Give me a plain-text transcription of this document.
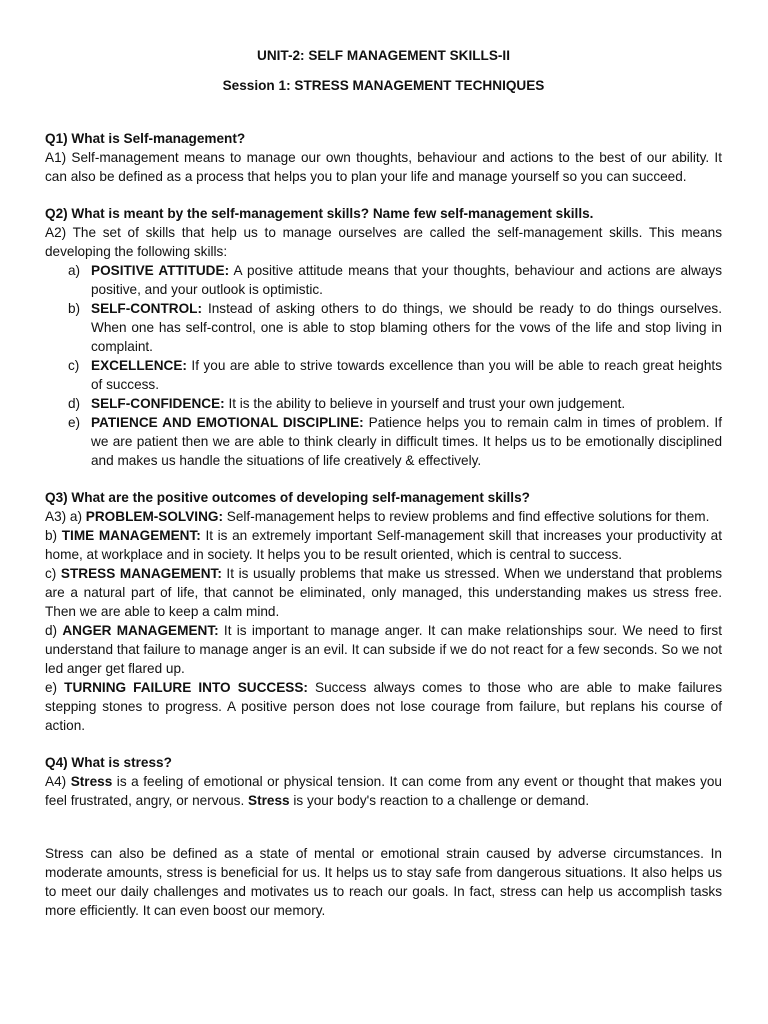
UNIT-2: SELF MANAGEMENT SKILLS-II

Session 1: STRESS MANAGEMENT TECHNIQUES

Q1) What is Self-management?

A1) Self-management means to manage our own thoughts, behaviour and actions to the best of our ability. It can also be defined as a process that helps you to plan your life and manage yourself so you can succeed.

Q2) What is meant by the self-management skills? Name few self-management skills.

A2) The set of skills that help us to manage ourselves are called the self-management skills. This means developing the following skills:

a) POSITIVE ATTITUDE: A positive attitude means that your thoughts, behaviour and actions are always positive, and your outlook is optimistic.
b) SELF-CONTROL: Instead of asking others to do things, we should be ready to do things ourselves. When one has self-control, one is able to stop blaming others for the vows of the life and stop living in complaint.
c) EXCELLENCE: If you are able to strive towards excellence than you will be able to reach great heights of success.
d) SELF-CONFIDENCE: It is the ability to believe in yourself and trust your own judgement.
e) PATIENCE AND EMOTIONAL DISCIPLINE: Patience helps you to remain calm in times of problem. If we are patient then we are able to think clearly in difficult times. It helps us to be emotionally disciplined and makes us handle the situations of life creatively & effectively.

Q3) What are the positive outcomes of developing self-management skills?

A3) a) PROBLEM-SOLVING: Self-management helps to review problems and find effective solutions for them.

b) TIME MANAGEMENT: It is an extremely important Self-management skill that increases your productivity at home, at workplace and in society. It helps you to be result oriented, which is central to success.

c) STRESS MANAGEMENT: It is usually problems that make us stressed. When we understand that problems are a natural part of life, that cannot be eliminated, only managed, this understanding makes us stress free. Then we are able to keep a calm mind.

d) ANGER MANAGEMENT: It is important to manage anger. It can make relationships sour. We need to first understand that failure to manage anger is an evil. It can subside if we do not react for a few seconds. So we not led anger get flared up.

e) TURNING FAILURE INTO SUCCESS: Success always comes to those who are able to make failures stepping stones to progress. A positive person does not lose courage from failure, but replans his course of action.

Q4) What is stress?

A4) Stress is a feeling of emotional or physical tension. It can come from any event or thought that makes you feel frustrated, angry, or nervous. Stress is your body's reaction to a challenge or demand.

Stress can also be defined as a state of mental or emotional strain caused by adverse circumstances. In moderate amounts, stress is beneficial for us. It helps us to stay safe from dangerous situations. It also helps us to meet our daily challenges and motivates us to reach our goals. In fact, stress can help us accomplish tasks more efficiently. It can even boost our memory.
